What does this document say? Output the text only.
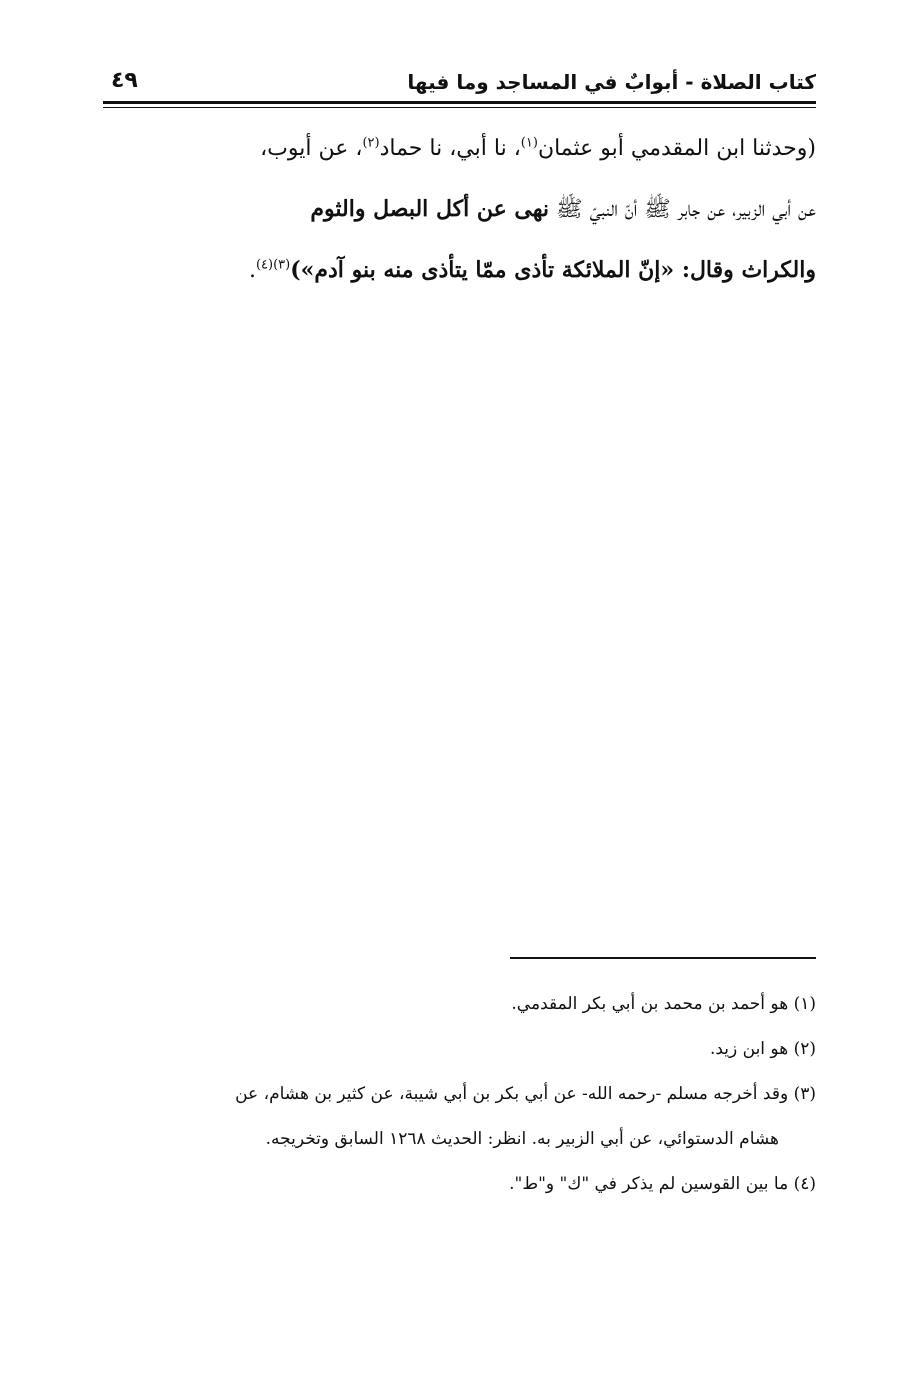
كتاب الصلاة - أبوابٌ في المساجد وما فيها
٤٩
(وحدثنا ابن المقدمي أبو عثمان$^{(١)}$، نا أبي، نا حماد$^{(٢)}$، عن أيوب،
عن أبي الزبير، عن جابر ﷺ أنّ النبيّ ﷺ نهى عن أكل البصل والثوم
والكراث وقال: «إنّ الملائكة تأذى ممّا يتأذى منه بنو آدم»)$^{(٣)(٤)}$.
(١) هو أحمد بن محمد بن أبي بكر المقدمي.
(٢) هو ابن زيد.
(٣) وقد أخرجه مسلم -رحمه الله- عن أبي بكر بن أبي شيبة، عن كثير بن هشام، عن
هشام الدستوائي، عن أبي الزبير به. انظر: الحديث ١٢٦٨ السابق وتخريجه.
(٤) ما بين القوسين لم يذكر في "ك" و"ط".
